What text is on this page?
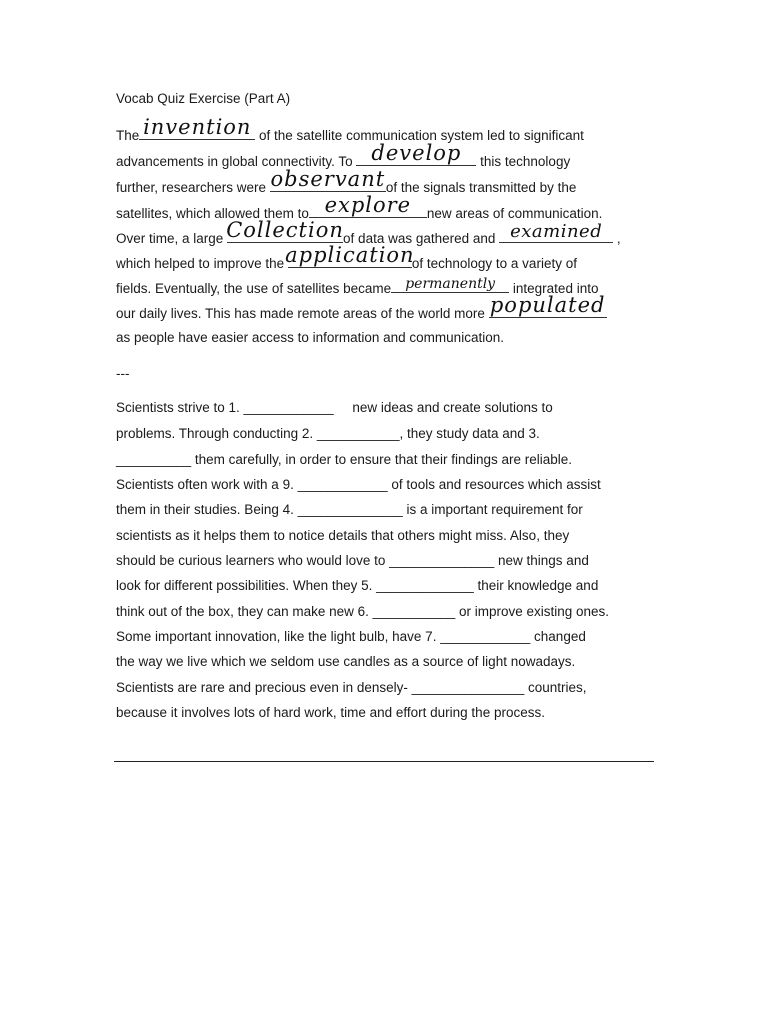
Vocab Quiz Exercise (Part A)
The invention of the satellite communication system led to significant
advancements in global connectivity. To develop this technology
further, researchers were observant of the signals transmitted by the
satellites, which allowed them to explore new areas of communication.
Over time, a large Collection of data was gathered and examined ,
which helped to improve the
application
of technology to a variety of
fields. Eventually, the use of satellites became permanently integrated into
our daily lives. This has made remote areas of the world more populated
as people have easier access to information and communication.
---
Scientists strive to 1. ____________     new ideas and create solutions to
problems. Through conducting 2. ___________, they study data and 3.
__________ them carefully, in order to ensure that their findings are reliable.
Scientists often work with a 9. ____________ of tools and resources which assist
them in their studies. Being 4. ______________ is a important requirement for
scientists as it helps them to notice details that others might miss. Also, they
should be curious learners who would love to ______________ new things and
look for different possibilities. When they 5. _____________ their knowledge and
think out of the box, they can make new 6. ___________ or improve existing ones.
Some important innovation, like the light bulb, have 7. ____________ changed
the way we live which we seldom use candles as a source of light nowadays.
Scientists are rare and precious even in densely- _______________ countries,
because it involves lots of hard work, time and effort during the process.
